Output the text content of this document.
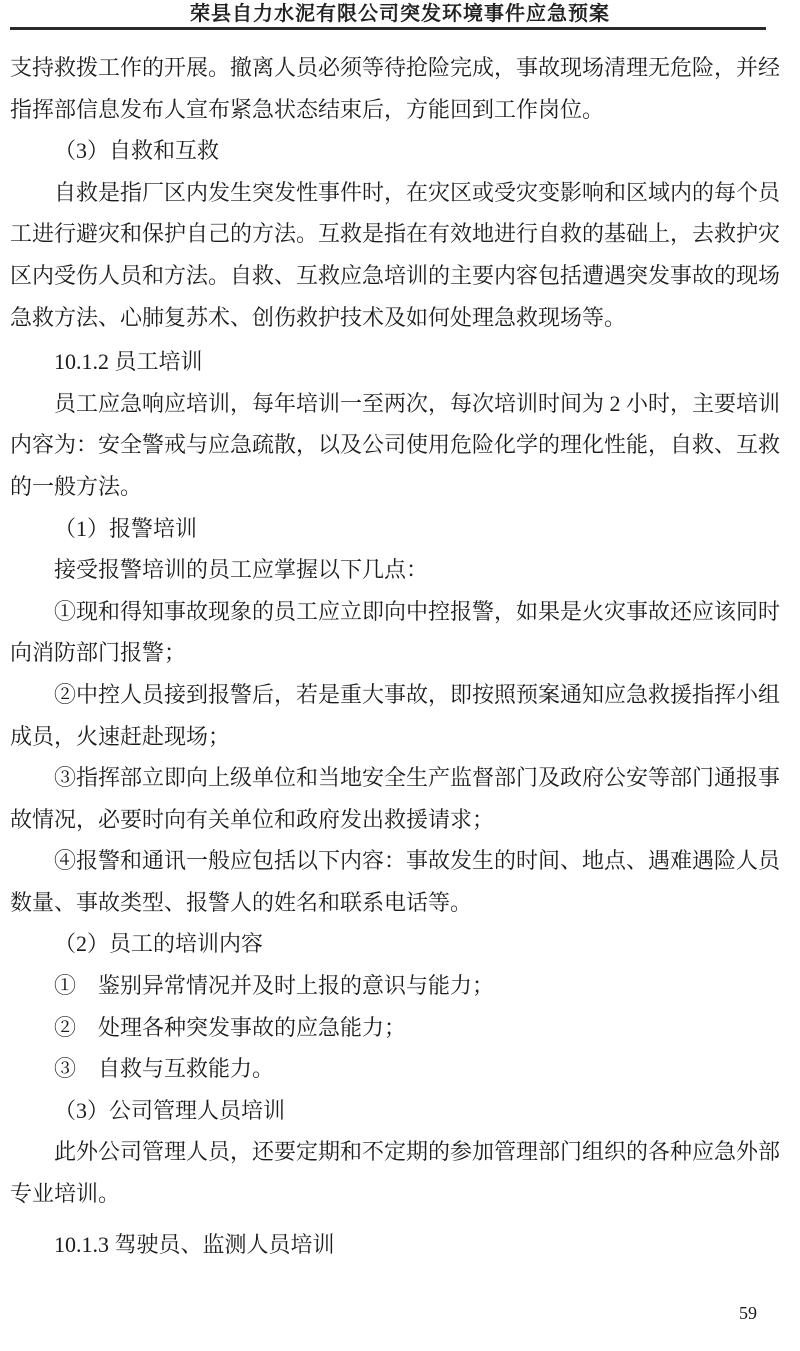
荣县自力水泥有限公司突发环境事件应急预案

支持救拨工作的开展。撤离人员必须等待抢险完成，事故现场清理无危险，并经指挥部信息发布人宣布紧急状态结束后，方能回到工作岗位。

（3）自救和互救

自救是指厂区内发生突发性事件时，在灾区或受灾变影响和区域内的每个员工进行避灾和保护自己的方法。互救是指在有效地进行自救的基础上，去救护灾区内受伤人员和方法。自救、互救应急培训的主要内容包括遭遇突发事故的现场急救方法、心肺复苏术、创伤救护技术及如何处理急救现场等。

10.1.2 员工培训

员工应急响应培训，每年培训一至两次，每次培训时间为 2 小时，主要培训内容为：安全警戒与应急疏散，以及公司使用危险化学的理化性能，自救、互救的一般方法。

（1）报警培训

接受报警培训的员工应掌握以下几点：

①现和得知事故现象的员工应立即向中控报警，如果是火灾事故还应该同时向消防部门报警；

②中控人员接到报警后，若是重大事故，即按照预案通知应急救援指挥小组成员，火速赶赴现场；

③指挥部立即向上级单位和当地安全生产监督部门及政府公安等部门通报事故情况，必要时向有关单位和政府发出救援请求；

④报警和通讯一般应包括以下内容：事故发生的时间、地点、遇难遇险人员数量、事故类型、报警人的姓名和联系电话等。

（2）员工的培训内容

①　鉴别异常情况并及时上报的意识与能力；

②　处理各种突发事故的应急能力；

③　自救与互救能力。

（3）公司管理人员培训

此外公司管理人员，还要定期和不定期的参加管理部门组织的各种应急外部专业培训。

10.1.3 驾驶员、监测人员培训
59
